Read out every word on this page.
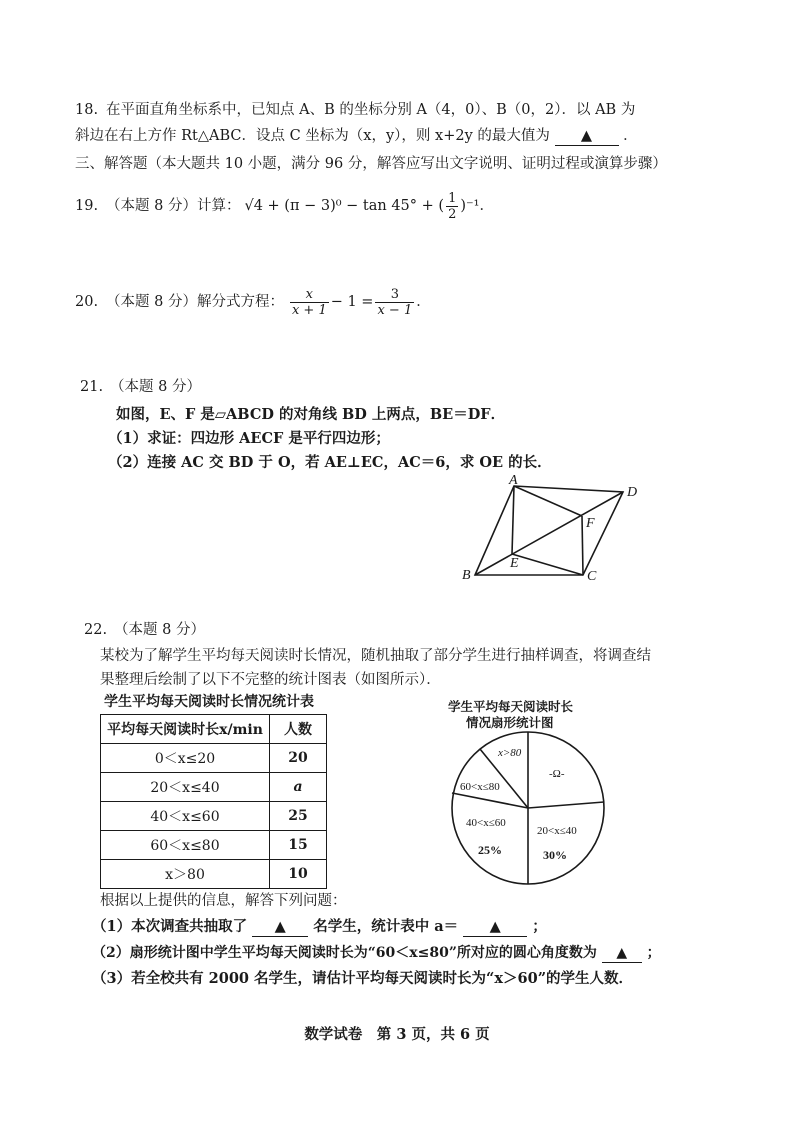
18. 在平面直角坐标系中，已知点 A、B 的坐标分别 A（4，0）、B（0，2）．以 AB 为
斜边在右上方作 Rt△ABC．设点 C 坐标为（x，y），则 x+2y 的最大值为 ▲ ．
三、解答题（本大题共 10 小题，满分 96 分，解答应写出文字说明、证明过程或演算步骤）
19. （本题 8 分）计算： √4 + (π − 3)⁰ − tan 45° + ( $\frac{1}{2} )^{-1}$．
20. （本题 8 分）解分式方程： $\frac{x}{x + 1} - 1 = \frac{3}{x - 1}$ ．
21. （本题 8 分）
如图，E、F 是▱ABCD 的对角线 BD 上两点，BE＝DF．
（1）求证：四边形 AECF 是平行四边形；
（2）连接 AC 交 BD 于 O，若 AE⊥EC，AC＝6，求 OE 的长．
A
D
F
E
B	C
22. （本题 8 分）
某校为了解学生平均每天阅读时长情况，随机抽取了部分学生进行抽样调查，将调查结
果整理后绘制了以下不完整的统计图表（如图所示）．
学生平均每天阅读时长情况统计表
平均每天阅读时长x/min	人数
0＜x≤20	20
20＜x≤40	a
40＜x≤60	25
60＜x≤80	15
x＞80	10
学生平均每天阅读时长
情况扇形统计图
x>80
-Ω-
60<x≤80
40<x≤60
25%
20<x≤40
30%
根据以上提供的信息，解答下列问题：
（1）本次调查共抽取了 ▲ 名学生，统计表中 a＝ ▲ ；
（2）扇形统计图中学生平均每天阅读时长为“60＜x≤80”所对应的圆心角度数为 ▲ ；
（3）若全校共有 2000 名学生，请估计平均每天阅读时长为“x＞60”的学生人数．
数学试卷　第 3 页，共 6 页
